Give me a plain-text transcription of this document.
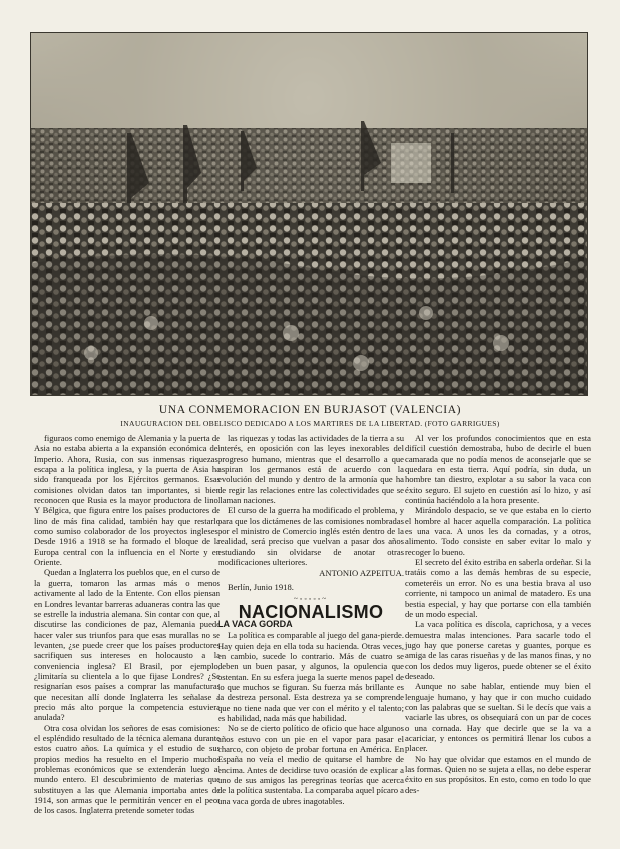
UNA CONMEMORACION EN BURJASOT (VALENCIA)
INAUGURACION DEL OBELISCO DEDICADO A LOS MARTIRES DE LA LIBERTAD. (FOTO GARRIGUES)

figuraos como enemigo de Alemania y la puerta de Asia no estaba abierta a la expansión económica del Imperio. Ahora, Rusia, con sus inmensas riquezas, escapa a la política inglesa, y la puerta de Asia ha sido franqueada por los Ejércitos germanos. Esas comisiones olvidan datos tan importantes, si bien reconocen que Rusia es la mayor productora de lino. Y Bélgica, que figura entre los países productores de lino de más fina calidad, también hay que restarlo como sumiso colaborador de los proyectos ingleses. Desde 1916 a 1918 se ha formado el bloque de la Europa central con la influencia en el Norte y en Oriente.

Quedan a Inglaterra los pueblos que, en el curso de la guerra, tomaron las armas más o menos activamente al lado de la Entente. Con ellos piensan en Londres levantar barreras aduaneras contra las que se estrelle la industria alemana. Sin contar con que, al discutirse las condiciones de paz, Alemania puede hacer valer sus triunfos para que esas murallas no se levanten, ¿se puede creer que los países productores sacrifiquen sus intereses en holocausto a la conveniencia inglesa? El Brasil, por ejemplo, ¿limitaría su clientela a lo que fijase Londres? ¿Se resignarían esos países a comprar las manufacturas que necesitan allí donde Inglaterra les señalase a precio más alto porque la competencia estuviera anulada?

Otra cosa olvidan los señores de esas comisiones: el espléndido resultado de la técnica alemana durante estos cuatro años. La química y el estudio de sus propios medios ha resuelto en el Imperio muchos problemas económicos que se extenderán luego al mundo entero. El descubrimiento de materias que substituyen a las que Alemania importaba antes de 1914, son armas que le permitirán vencer en el peor de los casos. Inglaterra pretende someter todas

las riquezas y todas las actividades de la tierra a su interés, en oposición con las leyes inexorables del progreso humano, mientras que el desarrollo a que aspiran los germanos está de acuerdo con la evolución del mundo y dentro de la armonía que ha de regir las relaciones entre las colectividades que se llaman naciones.

El curso de la guerra ha modificado el problema, y para que los dictámenes de las comisiones nombradas por el ministro de Comercio inglés estén dentro de la realidad, será preciso que vuelvan a pasar dos años estudiando sin olvidarse de anotar otras modificaciones ulteriores.

ANTONIO AZPEITUA.
Berlín, Junio 1918.
~◦◦◦◦◦~
NACIONALISMO
LA VACA GORDA

La política es comparable al juego del gana-pierde. Hay quien deja en ella toda su hacienda. Otras veces, en cambio, sucede lo contrario. Más de cuatro se deben un buen pasar, y algunos, la opulencia que ostentan. En su esfera juega la suerte menos papel de lo que muchos se figuran. Su fuerza más brillante es la destreza personal. Esta destreza ya se comprende que no tiene nada que ver con el mérito y el talento; es habilidad, nada más que habilidad.

No se de cierto político de oficio que hace algunos años estuvo con un pie en el vapor para pasar el charco, con objeto de probar fortuna en América. En España no veía el medio de quitarse el hambre de encima. Antes de decidirse tuvo ocasión de explicar a uno de sus amigos las peregrinas teorías que acerca de la política sustentaba. La comparaba aquel pícaro a una vaca gorda de ubres inagotables.

Al ver los profundos conocimientos que en esta difícil cuestión demostraba, hubo de decirle el buen camarada que no podía menos de aconsejarle que se quedara en esta tierra. Aquí podría, sin duda, un hombre tan diestro, explotar a su sabor la vaca con éxito seguro. El sujeto en cuestión así lo hizo, y así continúa haciéndolo a la hora presente.

Mirándolo despacio, se ve que estaba en lo cierto el hombre al hacer aquella comparación. La política es una vaca. A unos les da cornadas, y a otros, alimento. Todo consiste en saber evitar lo malo y recoger lo bueno.

El secreto del éxito estriba en saberla ordeñar. Si la tratáis como a las demás hembras de su especie, cometeréis un error. No es una bestia brava al uso corriente, ni tampoco un animal de matadero. Es una bestia especial, y hay que portarse con ella también de un modo especial.

La vaca política es díscola, caprichosa, y a veces demuestra malas intenciones. Para sacarle todo el jugo hay que ponerse caretas y guantes, porque es amiga de las caras risueñas y de las manos finas, y no con los dedos muy ligeros, puede obtener se el éxito deseado.

Aunque no sabe hablar, entiende muy bien el lenguaje humano, y hay que ir con mucho cuidado con las palabras que se sueltan. Si le decís que vais a vaciarle las ubres, os obsequiará con un par de coces o una cornada. Hay que decirle que se la va a acariciar, y entonces os permitirá llenar los cubos a placer.

No hay que olvidar que estamos en el mundo de las formas. Quien no se sujeta a ellas, no debe esperar éxito en sus propósitos. En esto, como en todo lo que des-
